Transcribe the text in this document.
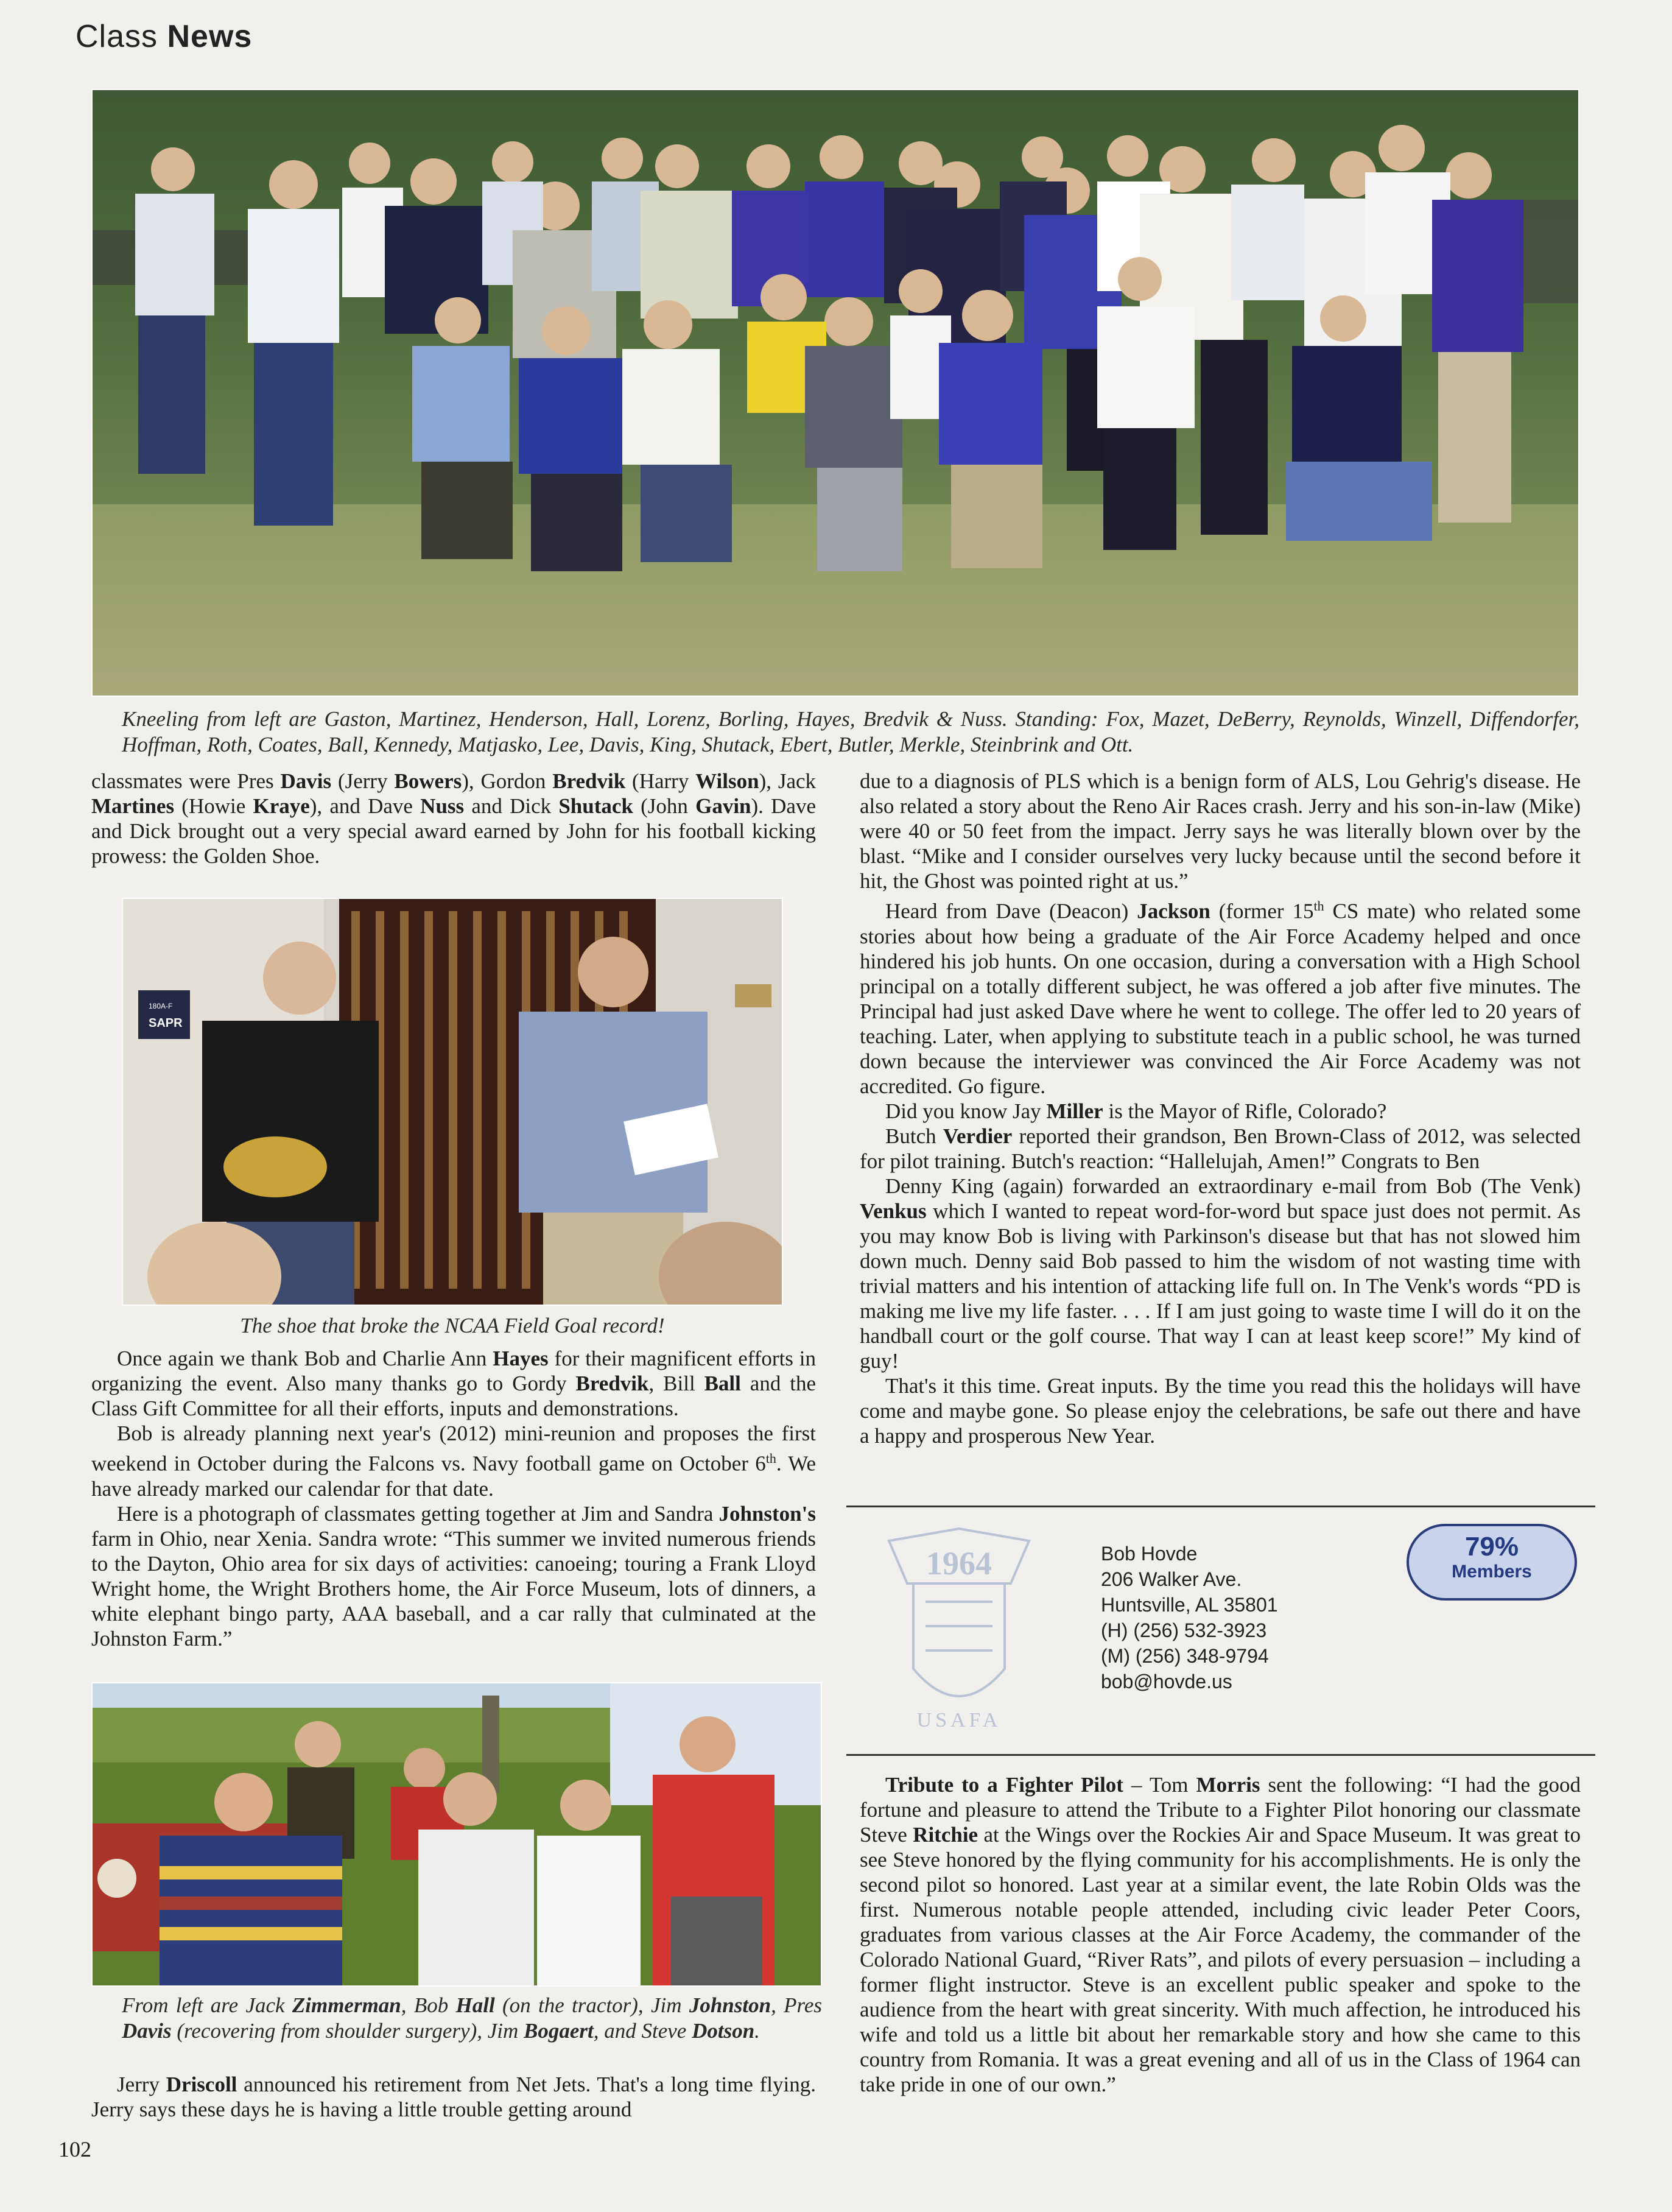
Class News
Kneeling from left are Gaston, Martinez, Henderson, Hall, Lorenz, Borling, Hayes, Bredvik & Nuss. Standing: Fox, Mazet, DeBerry, Reynolds, Winzell, Diffendorfer, Hoffman, Roth, Coates, Ball, Kennedy, Matjasko, Lee, Davis, King, Shutack, Ebert, Butler, Merkle, Steinbrink and Ott.

classmates were Pres Davis (Jerry Bowers), Gordon Bredvik (Harry Wilson), Jack Martines (Howie Kraye), and Dave Nuss and Dick Shutack (John Gavin). Dave and Dick brought out a very special award earned by John for his football kicking prowess: the Golden Shoe.

180A-F
SAPR
The shoe that broke the NCAA Field Goal record!

Once again we thank Bob and Charlie Ann Hayes for their magnificent efforts in organizing the event. Also many thanks go to Gordy Bredvik, Bill Ball and the Class Gift Committee for all their efforts, inputs and demonstrations.

Bob is already planning next year's (2012) mini-reunion and proposes the first weekend in October during the Falcons vs. Navy football game on October 6th. We have already marked our calendar for that date.

Here is a photograph of classmates getting together at Jim and Sandra Johnston's farm in Ohio, near Xenia. Sandra wrote: “This summer we invited numerous friends to the Dayton, Ohio area for six days of activities: canoeing; touring a Frank Lloyd Wright home, the Wright Brothers home, the Air Force Museum, lots of dinners, a white elephant bingo party, AAA baseball, and a car rally that culminated at the Johnston Farm.”

From left are Jack Zimmerman, Bob Hall (on the tractor), Jim Johnston, Pres Davis (recovering from shoulder surgery), Jim Bogaert, and Steve Dotson.

Jerry Driscoll announced his retirement from Net Jets. That's a long time flying. Jerry says these days he is having a little trouble getting around

due to a diagnosis of PLS which is a benign form of ALS, Lou Gehrig's disease. He also related a story about the Reno Air Races crash. Jerry and his son-in-law (Mike) were 40 or 50 feet from the impact. Jerry says he was literally blown over by the blast. “Mike and I consider ourselves very lucky because until the second before it hit, the Ghost was pointed right at us.”

Heard from Dave (Deacon) Jackson (former 15th CS mate) who related some stories about how being a graduate of the Air Force Academy helped and once hindered his job hunts. On one occasion, during a conversation with a High School principal on a totally different subject, he was offered a job after five minutes. The Principal had just asked Dave where he went to college. The offer led to 20 years of teaching. Later, when applying to substitute teach in a public school, he was turned down because the interviewer was convinced the Air Force Academy was not accredited. Go figure.

Did you know Jay Miller is the Mayor of Rifle, Colorado?

Butch Verdier reported their grandson, Ben Brown-Class of 2012, was selected for pilot training. Butch's reaction: “Hallelujah, Amen!” Congrats to Ben

Denny King (again) forwarded an extraordinary e-mail from Bob (The Venk) Venkus which I wanted to repeat word-for-word but space just does not permit. As you may know Bob is living with Parkinson's disease but that has not slowed him down much. Denny said Bob passed to him the wisdom of not wasting time with trivial matters and his intention of attacking life full on. In The Venk's words “PD is making me live my life faster. . . . If I am just going to waste time I will do it on the handball court or the golf course. That way I can at least keep score!” My kind of guy!

That's it this time. Great inputs. By the time you read this the holidays will have come and maybe gone. So please enjoy the celebrations, be safe out there and have a happy and prosperous New Year.

1964
USAFA
Bob Hovde
206 Walker Ave.
Huntsville, AL 35801
(H) (256) 532-3923
(M) (256) 348-9794
bob@hovde.us
79%
Members

Tribute to a Fighter Pilot – Tom Morris sent the following: “I had the good fortune and pleasure to attend the Tribute to a Fighter Pilot honoring our classmate Steve Ritchie at the Wings over the Rockies Air and Space Museum. It was great to see Steve honored by the flying community for his accomplishments. He is only the second pilot so honored. Last year at a similar event, the late Robin Olds was the first. Numerous notable people attended, including civic leader Peter Coors, graduates from various classes at the Air Force Academy, the commander of the Colorado National Guard, “River Rats”, and pilots of every persuasion – including a former flight instructor. Steve is an excellent public speaker and spoke to the audience from the heart with great sincerity. With much affection, he introduced his wife and told us a little bit about her remarkable story and how she came to this country from Romania. It was a great evening and all of us in the Class of 1964 can take pride in one of our own.”

102
